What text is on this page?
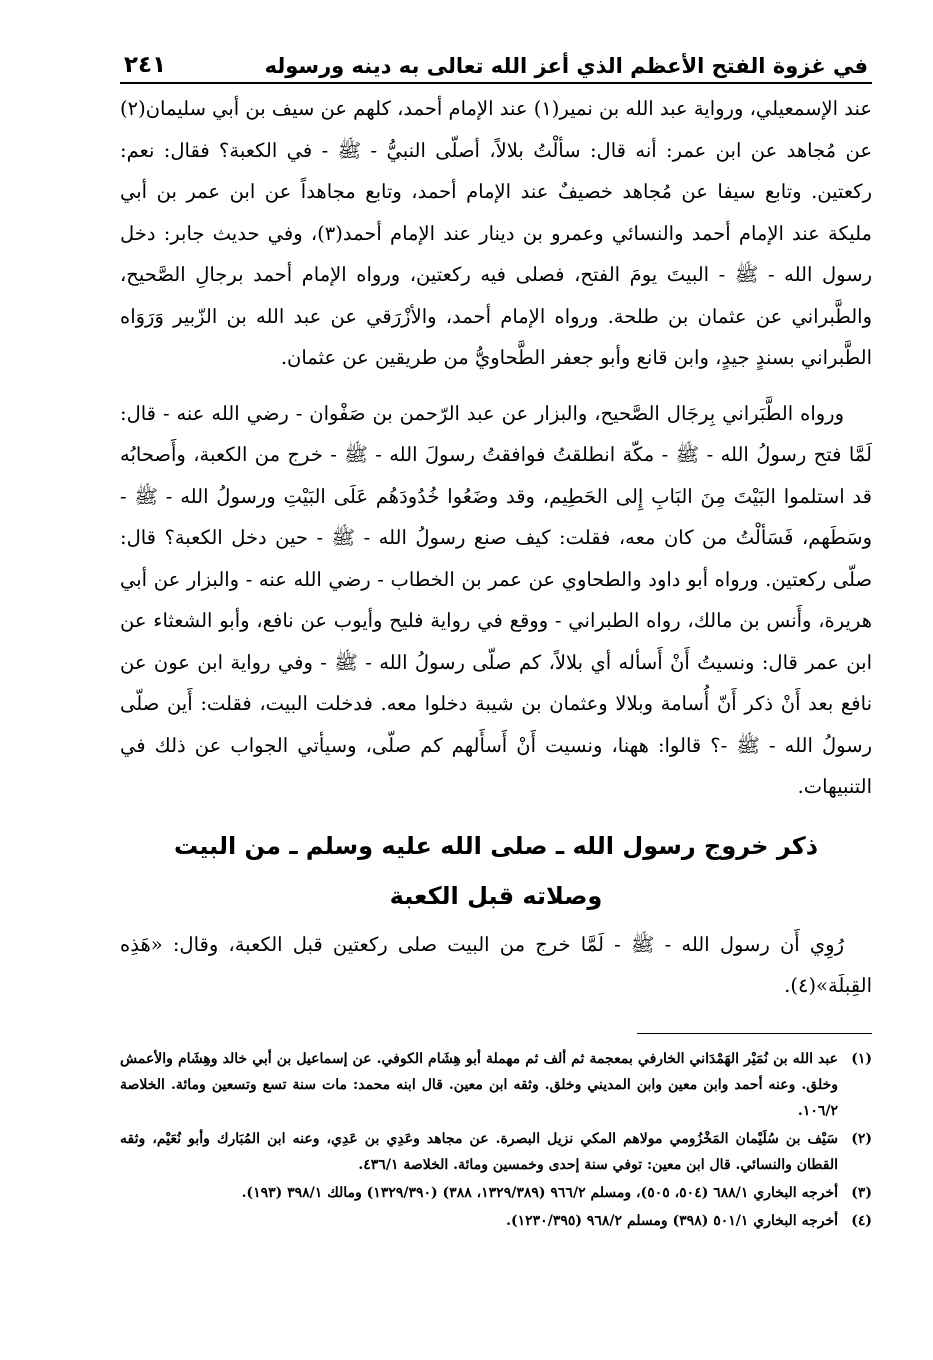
في غزوة الفتح الأعظم الذي أعز الله تعالى به دينه ورسوله
٢٤١

عند الإسمعيلي، ورواية عبد الله بن نمير(١) عند الإمام أحمد، كلهم عن سيف بن أبي سليمان(٢) عن مُجاهد عن ابن عمر: أنه قال: سألْتُ بلالاً، أصلّى النبيُّ - ﷺ - في الكعبة؟ فقال: نعم: ركعتين. وتابع سيفا عن مُجاهد خصيفٌ عند الإمام أحمد، وتابع مجاهداً عن ابن عمر بن أبي مليكة عند الإمام أحمد والنسائي وعمرو بن دينار عند الإمام أحمد(٣)، وفي حديث جابر: دخل رسول الله - ﷺ - البيتَ يومَ الفتح، فصلى فيه ركعتين، ورواه الإمام أحمد برجالِ الصَّحيح، والطَّبراني عن عثمان بن طلحة. ورواه الإمام أحمد، والأزْرَقي عن عبد الله بن الزّبير وَرَوَاه الطَّبراني بسندٍ جيدٍ، وابن قانع وأبو جعفر الطَّحاويُّ من طريقين عن عثمان.

ورواه الطَّبَراني بِرجَال الصَّحيح، والبزار عن عبد الرّحمن بن صَفْوان - رضي الله عنه - قال: لَمَّا فتح رسولُ الله - ﷺ - مكّة انطلقتُ فوافقتُ رسولَ الله - ﷺ - خرج من الكعبة، وأَصحابُه قد استلموا البَيْتَ مِنَ البَابِ إِلى الحَطِيم، وقد وضَعُوا خُدُودَهُم عَلَى البَيْتِ ورسولُ الله - ﷺ - وسَطَهم، فَسَألْتُ من كان معه، فقلت: كيف صنع رسولُ الله - ﷺ - حين دخل الكعبة؟ قال: صلّى ركعتين. ورواه أبو داود والطحاوي عن عمر بن الخطاب - رضي الله عنه - والبزار عن أبي هريرة، وأَنس بن مالك، رواه الطبراني - ووقع في رواية فليح وأيوب عن نافع، وأبو الشعثاء عن ابن عمر قال: ونسيتُ أَنْ أَسأله أي بلالاً، كم صلّى رسولُ الله - ﷺ - وفي رواية ابن عون عن نافع بعد أَنْ ذكر أَنّ أُسامة وبلالا وعثمان بن شيبة دخلوا معه. فدخلت البيت، فقلت: أَين صلّى رسولُ الله - ﷺ -؟ قالوا: ههنا، ونسيت أَنْ أَسأَلهم كم صلّى، وسيأتي الجواب عن ذلك في التنبيهات.

ذكر خروج رسول الله ـ صلى الله عليه وسلم ـ من البيت
وصلاته قبل الكعبة

رُوِي أَن رسول الله - ﷺ - لَمَّا خرج من البيت صلى ركعتين قبل الكعبة، وقال: «هَذِه القِبلَة»(٤).

(١)
عبد الله بن نُمَيْر الهَمْدَاني الخارفي بمعجمة ثم ألف ثم مهملة أبو هِشَام الكوفي. عن إسماعيل بن أبي خالد وهِشَام والأعمش وخلق. وعنه أحمد وابن معين وابن المديني وخلق. وثقه ابن معين. قال ابنه محمد: مات سنة تسع وتسعين ومائة. الخلاصة ١٠٦/٢.
(٢)
سَيْف بن سُلَيْمان المَخْزُومي مولاهم المكي نزيل البصرة. عن مجاهد وعَدِي بن عَدِي، وعنه ابن المُبَارك وأبو نُعَيْم، وثقه القطان والنسائي. قال ابن معين: توفي سنة إحدى وخمسين ومائة. الخلاصة ٤٣٦/١.
(٣)
أخرجه البخاري ٦٨٨/١ (٥٠٤، ٥٠٥)، ومسلم ٩٦٦/٢ (١٣٢٩/٣٨٩، ٣٨٨) (١٣٢٩/٣٩٠) ومالك ٣٩٨/١ (١٩٣).
(٤)
أخرجه البخاري ٥٠١/١ (٣٩٨) ومسلم ٩٦٨/٢ (١٢٣٠/٣٩٥).
